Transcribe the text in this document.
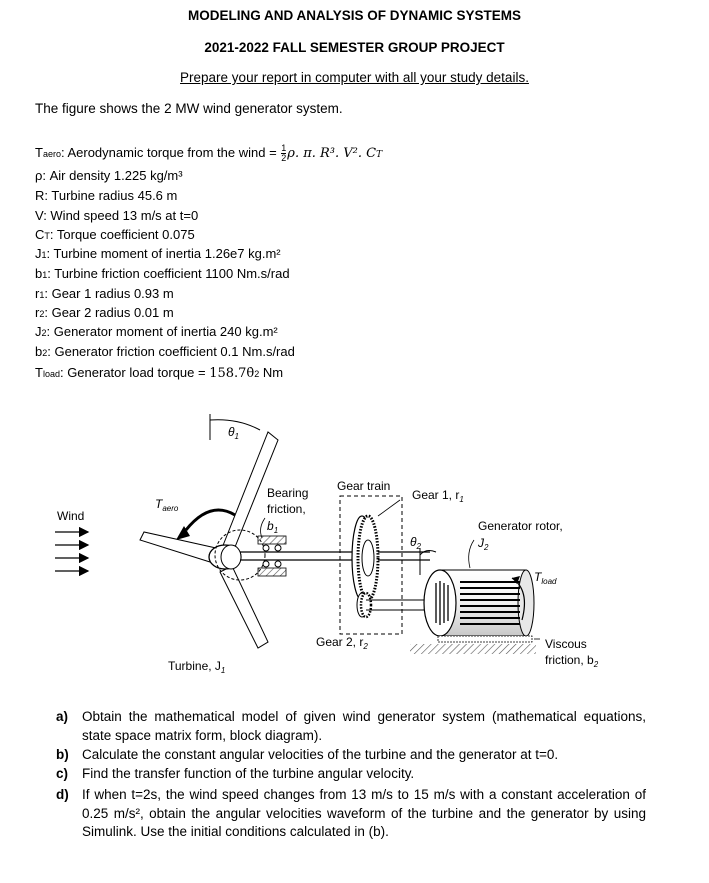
MODELING AND ANALYSIS OF DYNAMIC SYSTEMS
2021-2022 FALL SEMESTER GROUP PROJECT
Prepare your report in computer with all your study details.
The figure shows the 2 MW wind generator system.
Taero: Aerodynamic torque from the wind = $\frac{1}{2} \rho$. π. R³. V². CT
ρ: Air density 1.225 kg/m³
R: Turbine radius 45.6 m
V: Wind speed 13 m/s at t=0
CT: Torque coefficient 0.075
J1: Turbine moment of inertia 1.26e7 kg.m²
b1: Turbine friction coefficient 1100 Nm.s/rad
r1: Gear 1 radius 0.93 m
r2: Gear 2 radius 0.01 m
J2: Generator moment of inertia 240 kg.m²
b2: Generator friction coefficient 0.1 Nm.s/rad
Tload: Generator load torque = 158.7θ̇2 Nm
Wind
$T_{aero}$
$\theta_1$
Bearing
friction,
$b_1$
Gear train
Gear 1, $r_1$
Gear 2, $r_2$
$\theta_2$
Generator rotor,
$J_2$
$T_{load}$
Viscous
friction, $b_2$
Turbine, $J_1$
a) Obtain the mathematical model of given wind generator system (mathematical equations, state space matrix form, block diagram).
b) Calculate the constant angular velocities of the turbine and the generator at t=0.
c) Find the transfer function of the turbine angular velocity.
d) If when t=2s, the wind speed changes from 13 m/s to 15 m/s with a constant acceleration of 0.25 m/s², obtain the angular velocities waveform of the turbine and the generator by using Simulink. Use the initial conditions calculated in (b).
